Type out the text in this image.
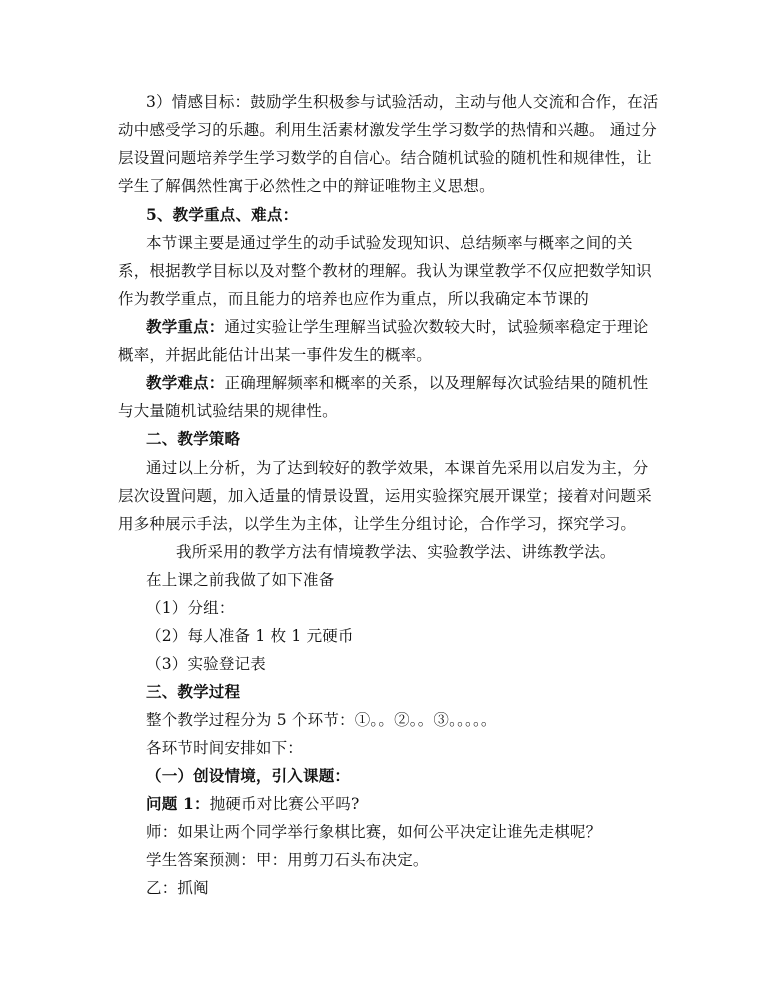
3）情感目标：鼓励学生积极参与试验活动，主动与他人交流和合作，在活
动中感受学习的乐趣。利用生活素材激发学生学习数学的热情和兴趣。 通过分
层设置问题培养学生学习数学的自信心。结合随机试验的随机性和规律性，让
学生了解偶然性寓于必然性之中的辩证唯物主义思想。
5、教学重点、难点：
本节课主要是通过学生的动手试验发现知识、总结频率与概率之间的关
系，根据教学目标以及对整个教材的理解。我认为课堂教学不仅应把数学知识
作为教学重点，而且能力的培养也应作为重点，所以我确定本节课的
教学重点：通过实验让学生理解当试验次数较大时，试验频率稳定于理论
概率，并据此能估计出某一事件发生的概率。
教学难点：正确理解频率和概率的关系，以及理解每次试验结果的随机性
与大量随机试验结果的规律性。
二、教学策略
通过以上分析，为了达到较好的教学效果，本课首先采用以启发为主，分
层次设置问题，加入适量的情景设置，运用实验探究展开课堂；接着对问题采
用多种展示手法，以学生为主体，让学生分组讨论，合作学习，探究学习。
我所采用的教学方法有情境教学法、实验教学法、讲练教学法。
在上课之前我做了如下准备
（1）分组：
（2）每人准备 1 枚 1 元硬币
（3）实验登记表
三、教学过程
整个教学过程分为 5 个环节：①。。②。。③。。。。。
各环节时间安排如下：
（一）创设情境，引入课题：
问题 1：抛硬币对比赛公平吗?
师：如果让两个同学举行象棋比赛，如何公平决定让谁先走棋呢？
学生答案预测：甲：用剪刀石头布决定。
乙：抓阄
